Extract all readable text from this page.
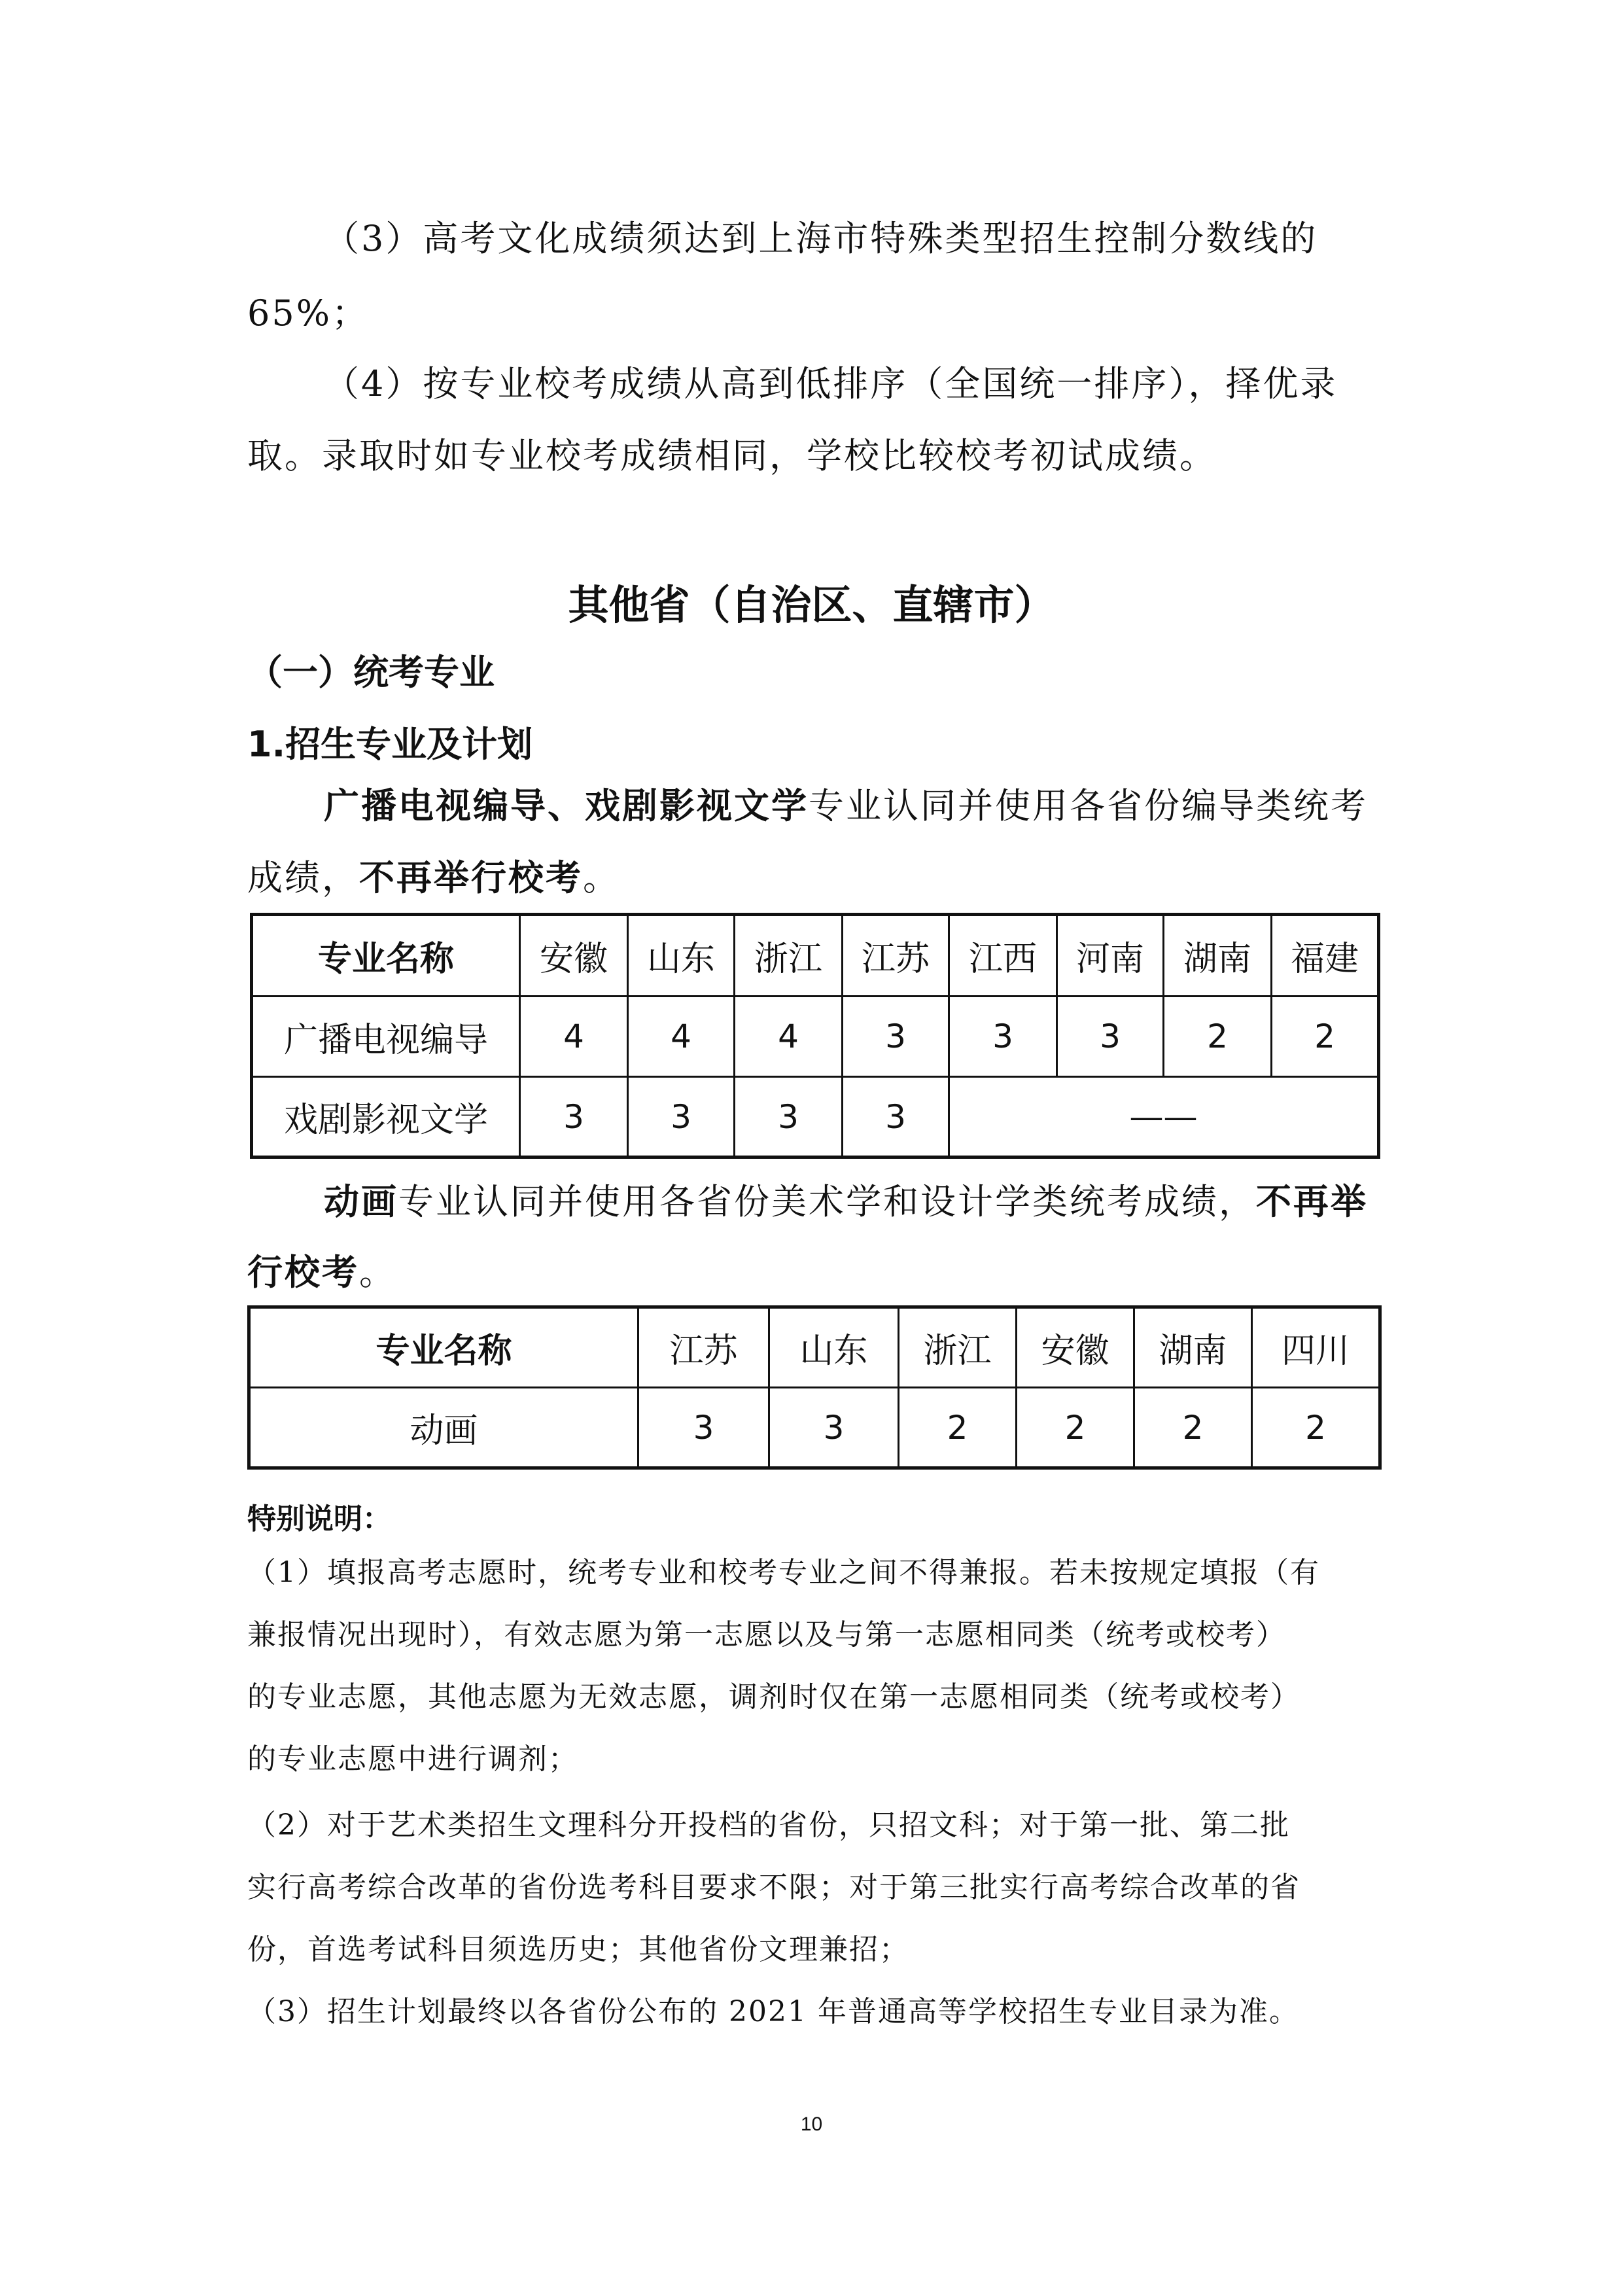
（3）高考文化成绩须达到上海市特殊类型招生控制分数线的
65%；
（4）按专业校考成绩从高到低排序（全国统一排序），择优录
取。录取时如专业校考成绩相同，学校比较校考初试成绩。
其他省（自治区、直辖市）
（一）统考专业
1.招生专业及计划
广播电视编导、戏剧影视文学专业认同并使用各省份编导类统考
成绩，不再举行校考。
专业名称	安徽	山东	浙江	江苏	江西	河南	湖南	福建
广播电视编导	4	4	4	3	3	3	2	2
戏剧影视文学	3	3	3	3	——			
动画专业认同并使用各省份美术学和设计学类统考成绩，不再举
行校考。
专业名称	江苏	山东	浙江	安徽	湖南	四川
动画	3	3	2	2	2	2
特别说明：
（1）填报高考志愿时，统考专业和校考专业之间不得兼报。若未按规定填报（有
兼报情况出现时），有效志愿为第一志愿以及与第一志愿相同类（统考或校考）
的专业志愿，其他志愿为无效志愿，调剂时仅在第一志愿相同类（统考或校考）
的专业志愿中进行调剂；
（2）对于艺术类招生文理科分开投档的省份，只招文科；对于第一批、第二批
实行高考综合改革的省份选考科目要求不限；对于第三批实行高考综合改革的省
份，首选考试科目须选历史；其他省份文理兼招；
（3）招生计划最终以各省份公布的 2021 年普通高等学校招生专业目录为准。
10
